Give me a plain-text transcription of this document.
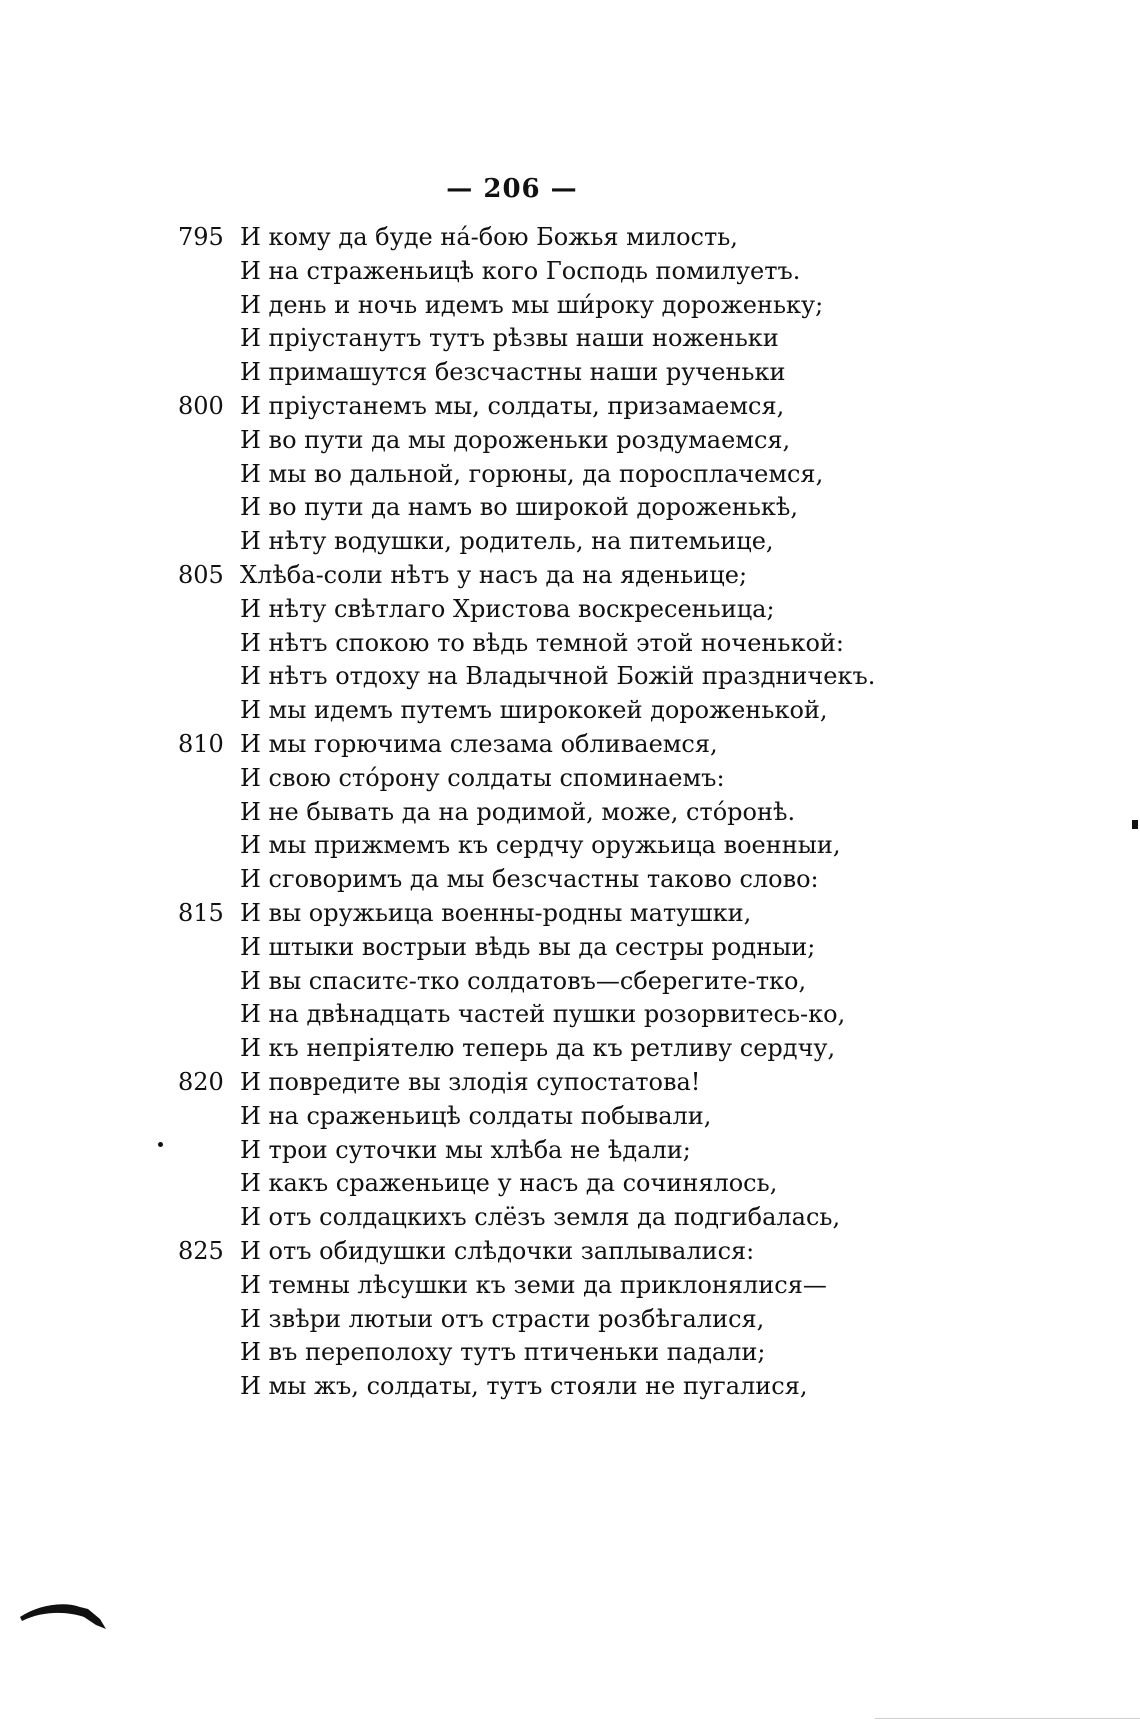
— 206 —
795 И кому да буде на́-бою Божья милость,
И на страженьицѣ кого Господь помилуетъ.
И день и ночь идемъ мы ши́року дороженьку;
И пріустанутъ тутъ рѣзвы наши ноженьки
И примашутся безсчастны наши рученьки
800 И пріустанемъ мы, солдаты, призамаемся,
И во пути да мы дороженьки роздумаемся,
И мы во дальной, горюны, да поросплачемся,
И во пути да намъ во широкой дороженькѣ,
И нѣту водушки, родитель, на питемьице,
805 Хлѣба-соли нѣтъ у насъ да на яденьице;
И нѣту свѣтлаго Христова воскресеньица;
И нѣтъ спокою то вѣдь темной этой ноченькой:
И нѣтъ отдоху на Владычной Божій праздничекъ.
И мы идемъ путемъ ширококей дороженькой,
810 И мы горючима слезама обливаемся,
И свою стóрону солдаты споминаемъ:
И не бывать да на родимой, може, стóронѣ.
И мы прижмемъ къ сердчу оружьица военныи,
И сговоримъ да мы безсчастны таково слово:
815 И вы оружьица военны-родны матушки,
И штыки вострыи вѣдь вы да сестры родныи;
И вы спаситє-тко солдатовъ—сберегите-тко,
И на двѣнадцать частей пушки розорвитесь-ко,
И къ непріятелю теперь да къ ретливу сердчу,
820 И повредите вы злодія супостатова!
И на сраженьицѣ солдаты побывали,
И трои суточки мы хлѣба не ѣдали;
И какъ сраженьице у насъ да сочинялось,
И отъ солдацкихъ слёзъ земля да подгибалась,
825 И отъ обидушки слѣдочки заплывалися:
И темны лѣсушки къ земи да приклонялися—
И звѣри лютыи отъ страсти розбѣгалися,
И въ переполоху тутъ птиченьки падали;
И мы жъ, солдаты, тутъ стояли не пугалися,
